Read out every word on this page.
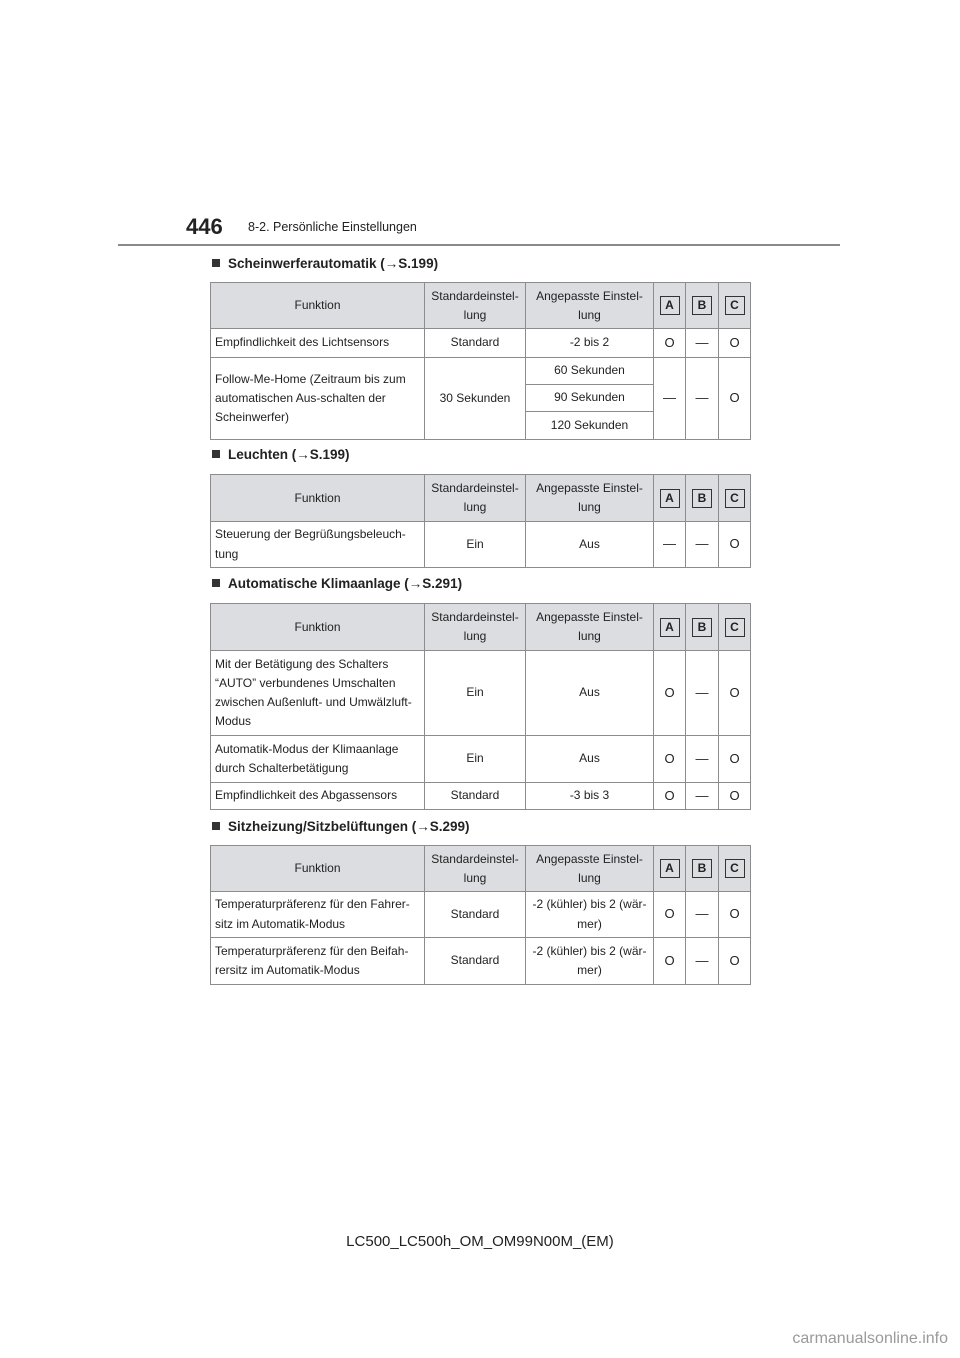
446 8-2. Persönliche Einstellungen
Scheinwerferautomatik (→S.199)
Funktion	Standardeinstel-lung	Angepasste Einstel-lung	A	B	C
Empfindlichkeit des Lichtsensors	Standard	-2 bis 2	O	—	O
Follow-Me-Home (Zeitraum bis zum automatischen Aus-schalten der Scheinwerfer)	30 Sekunden	60 Sekunden	—	—	O
		90 Sekunden			
		120 Sekunden			
Leuchten (→S.199)
Funktion	Standardeinstel-lung	Angepasste Einstel-lung	A	B	C
Steuerung der Begrüßungsbeleuch-tung	Ein	Aus	—	—	O
Automatische Klimaanlage (→S.291)
Funktion	Standardeinstel-lung	Angepasste Einstel-lung	A	B	C
Mit der Betätigung des Schalters “AUTO” verbundenes Umschalten zwischen Außenluft- und Umwälzluft-Modus	Ein	Aus	O	—	O
Automatik-Modus der Klimaanlage durch Schalterbetätigung	Ein	Aus	O	—	O
Empfindlichkeit des Abgassensors	Standard	-3 bis 3	O	—	O
Sitzheizung/Sitzbelüftungen (→S.299)
Funktion	Standardeinstel-lung	Angepasste Einstel-lung	A	B	C
Temperaturpräferenz für den Fahrer-sitz im Automatik-Modus	Standard	-2 (kühler) bis 2 (wär-mer)	O	—	O
Temperaturpräferenz für den Beifah-rersitz im Automatik-Modus	Standard	-2 (kühler) bis 2 (wär-mer)	O	—	O
LC500_LC500h_OM_OM99N00M_(EM)
carmanualsonline.info
